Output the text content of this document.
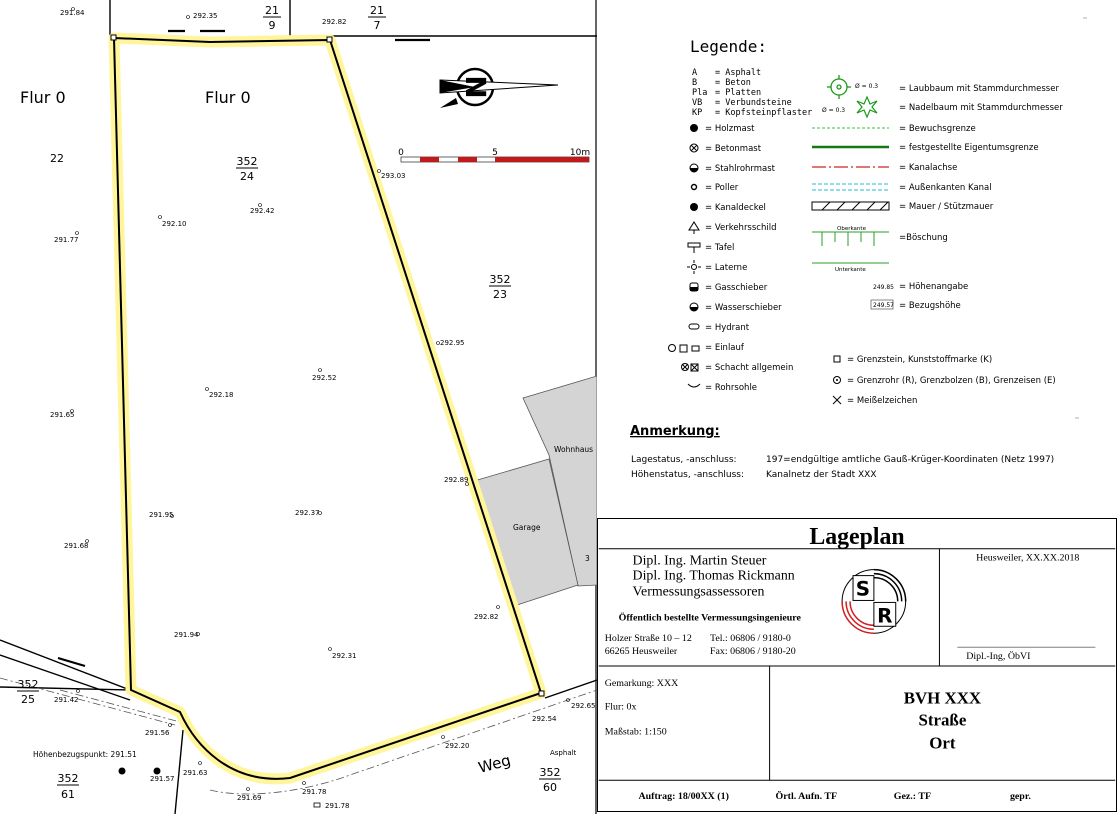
Flur 0	Flur 0
352
24
352
23
352
25
352
61
352
60
21
9
21
7
22
291.84	292.35
292.82
293.03
292.42
292.10
291.77
292.95
292.52
292.18
291.65
292.89
291.95	292.37
291.68
292.82
291.94
292.31
291.42
291.56
292.54
292.65
292.20
291.63
291.57
291.69
291.78
291.78
Höhenbezugspunkt: 291.51
Wohnhaus
Garage
3
Weg	Asphalt
N
0	5	10m
Legende:
A = Asphalt
B = Beton
Pla = Platten
VB = Verbundsteine
KP = Kopfsteinpflaster
= Holzmast
= Betonmast
= Stahlrohrmast
= Poller
= Kanaldeckel
= Verkehrsschild
= Tafel
= Laterne
= Gasschieber
= Wasserschieber
= Hydrant
= Einlauf
= Schacht allgemein
= Rohrsohle
Ø = 0.3 = Laubbaum mit Stammdurchmesser
Ø = 0.3	= Nadelbaum mit Stammdurchmesser
= Bewuchsgrenze
= festgestellte Eigentumsgrenze
= Kanalachse
= Außenkanten Kanal
= Mauer / Stützmauer
Oberkante
Unterkante
=Böschung
249.85 = Höhenangabe
249.57 = Bezugshöhe
= Grenzstein, Kunststoffmarke (K)
= Grenzrohr (R), Grenzbolzen (B), Grenzeisen (E)
= Meißelzeichen
Anmerkung:
Lagestatus, -anschluss:	197=endgültige amtliche Gauß-Krüger-Koordinaten (Netz 1997)
Höhenstatus, -anschluss: Kanalnetz der Stadt XXX
Lageplan
Dipl. Ing. Martin Steuer
Dipl. Ing. Thomas Rickmann
Vermessungsassessoren
Öffentlich bestellte Vermessungsingenieure
Holzer Straße 10 – 12
66265 Heusweiler
Tel.: 06806 / 9180-0
Fax: 06806 / 9180-20
S
R
Heusweiler, XX.XX.2018
Dipl.-Ing, ÖbVI
Gemarkung: XXX
Flur: 0x
Maßstab: 1:150
BVH XXX
Straße
Ort
Auftrag: 18/00XX (1)	Örtl. Aufn. TF	Gez.: TF	gepr.
